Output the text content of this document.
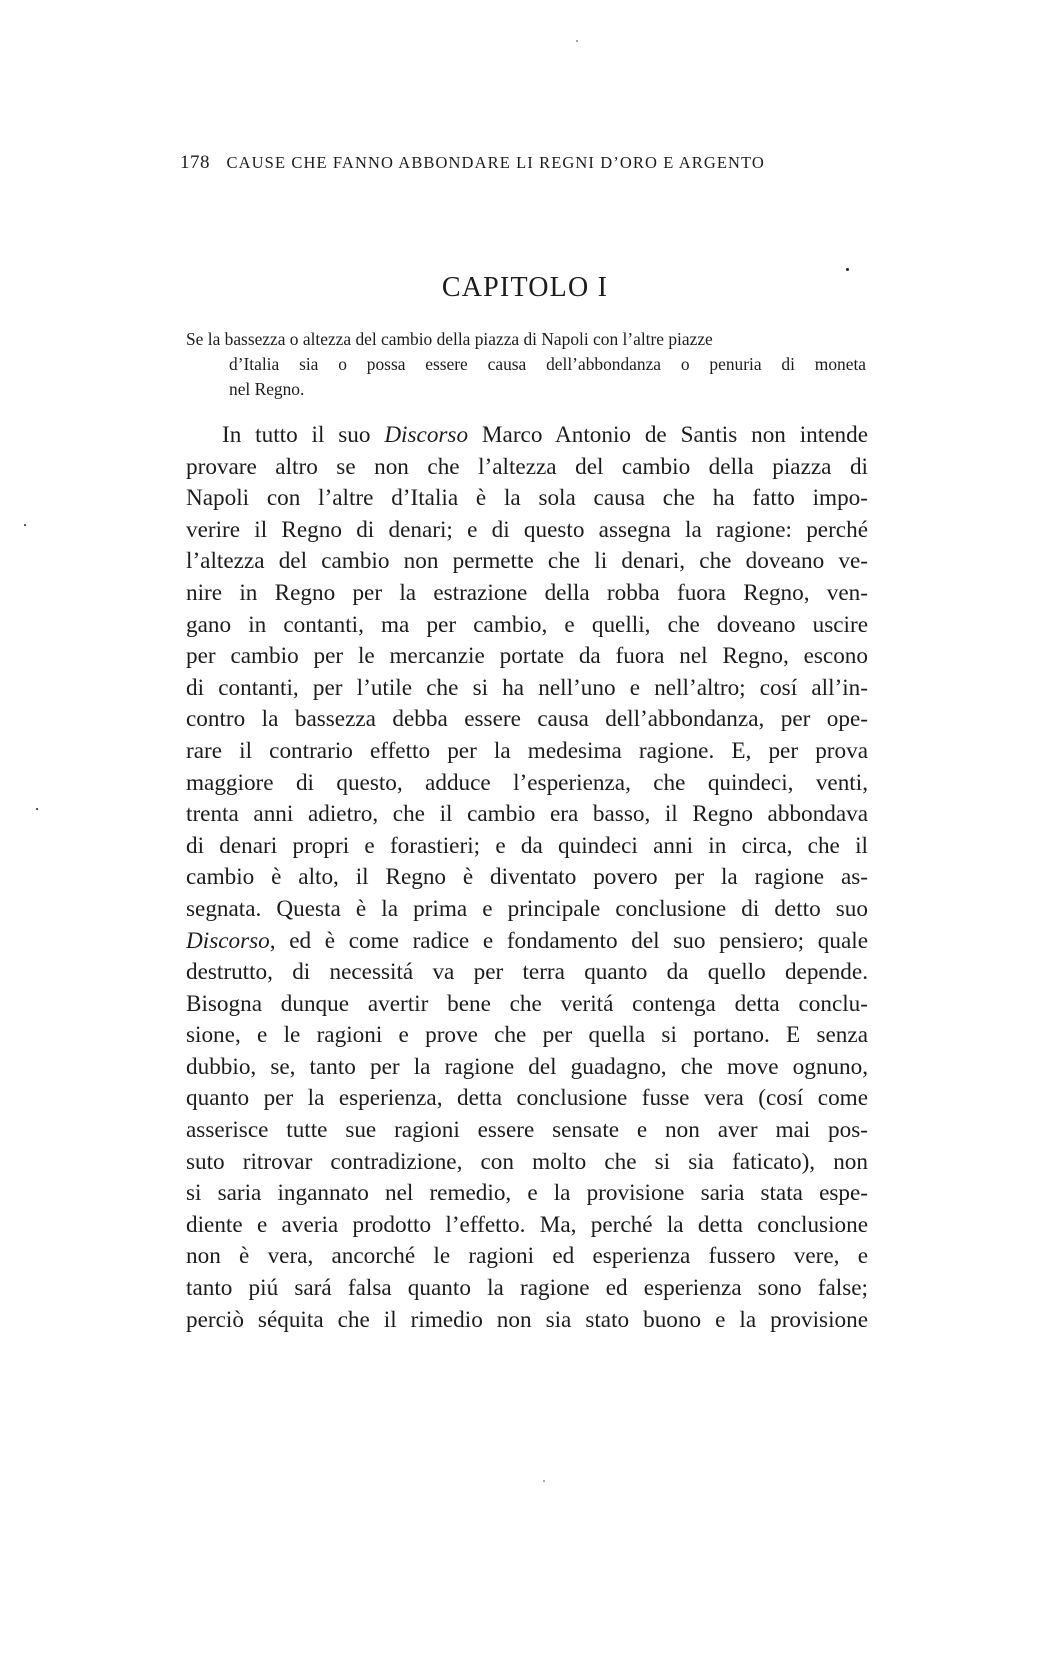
178 CAUSE CHE FANNO ABBONDARE LI REGNI D’ORO E ARGENTO
CAPITOLO I
Se la bassezza o altezza del cambio della piazza di Napoli con l’altre piazze
d’Italia sia o possa essere causa dell’abbondanza o penuria di moneta
nel Regno.
In tutto il suo Discorso Marco Antonio de Santis non intende
provare altro se non che l’altezza del cambio della piazza di
Napoli con l’altre d’Italia è la sola causa che ha fatto impo-
verire il Regno di denari; e di questo assegna la ragione: perché
l’altezza del cambio non permette che li denari, che doveano ve-
nire in Regno per la estrazione della robba fuora Regno, ven-
gano in contanti, ma per cambio, e quelli, che doveano uscire
per cambio per le mercanzie portate da fuora nel Regno, escono
di contanti, per l’utile che si ha nell’uno e nell’altro; cosí all’in-
contro la bassezza debba essere causa dell’abbondanza, per ope-
rare il contrario effetto per la medesima ragione. E, per prova
maggiore di questo, adduce l’esperienza, che quindeci, venti,
trenta anni adietro, che il cambio era basso, il Regno abbondava
di denari propri e forastieri; e da quindeci anni in circa, che il
cambio è alto, il Regno è diventato povero per la ragione as-
segnata. Questa è la prima e principale conclusione di detto suo
Discorso, ed è come radice e fondamento del suo pensiero; quale
destrutto, di necessitá va per terra quanto da quello depende.
Bisogna dunque avertir bene che veritá contenga detta conclu-
sione, e le ragioni e prove che per quella si portano. E senza
dubbio, se, tanto per la ragione del guadagno, che move ognuno,
quanto per la esperienza, detta conclusione fusse vera (cosí come
asserisce tutte sue ragioni essere sensate e non aver mai pos-
suto ritrovar contradizione, con molto che si sia faticato), non
si saria ingannato nel remedio, e la provisione saria stata espe-
diente e averia prodotto l’effetto. Ma, perché la detta conclusione
non è vera, ancorché le ragioni ed esperienza fussero vere, e
tanto piú sará falsa quanto la ragione ed esperienza sono false;
perciò séquita che il rimedio non sia stato buono e la provisione
